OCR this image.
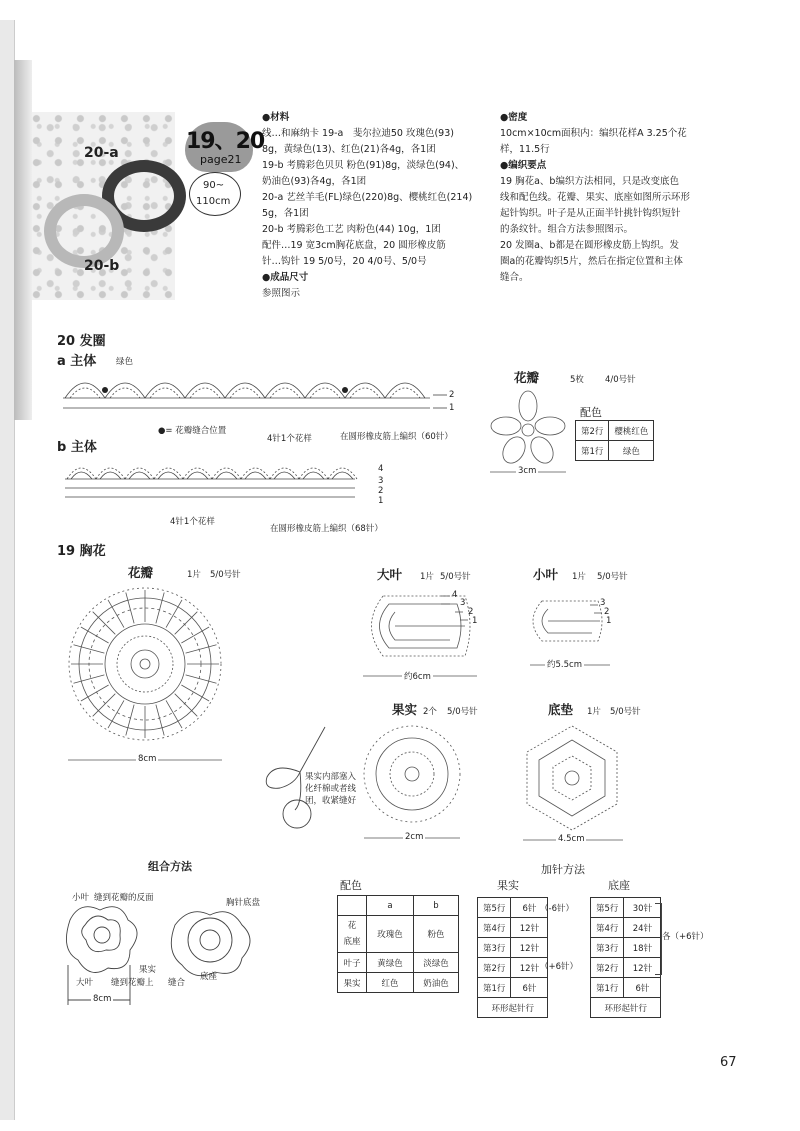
20-a
20-b
19、20
page21
90~
110cm
●材料
线…和麻纳卡 19-a　斐尔拉迪50 玫瑰色(93)
8g，黄绿色(13)、红色(21)各4g，各1团
19-b 考腾彩色贝贝 粉色(91)8g，淡绿色(94)、
奶油色(93)各4g，各1团
20-a 艺丝羊毛(FL)绿色(220)8g、樱桃红色(214)
5g，各1团
20-b 考腾彩色工艺 肉粉色(44) 10g，1团
配件…19 宽3cm胸花底盘，20 圆形橡皮筋
针…钩针 19 5/0号，20 4/0号、5/0号
●成品尺寸
参照图示
●密度
10cm×10cm面积内：编织花样A 3.25个花
样，11.5行
●编织要点
19 胸花a、b编织方法相同，只是改变底色
线和配色线。花瓣、果实、底座如图所示环形
起针钩织。叶子是从正面半针挑针钩织短针
的条纹针。组合方法参照图示。
20 发圈a、b都是在圆形橡皮筋上钩织。发
圈a的花瓣钩织5片，然后在指定位置和主体
缝合。
20 发圈
a 主体 绿色
2
1
●= 花瓣缝合位置
4针1个花样	在圆形橡皮筋上编织（60针）
b 主体
4
3
2
1
4针1个花样
在圆形橡皮筋上编织（68针）
花瓣	5枚 4/0号针
3cm
配色
第2行	樱桃红色
第1行	绿色
19 胸花
花瓣	1片 5/0号针
8cm
大叶 1片 5/0号针
4
3
2
1
约6cm
小叶 1片 5/0号针
3
2
1
约5.5cm
果实 2个 5/0号针
果实内部塞入
化纤棉或者线
团，收紧缝好
2cm
底垫 1片 5/0号针
4.5cm
组合方法
小叶 缝到花瓣的反面	胸针底盘
果实
大叶 缝到花瓣上
底座
缝合
8cm
配色
	a	b
花
底座	玫瑰色	粉色
叶子	黄绿色	淡绿色
果实	红色	奶油色
加针方法
果实
第5行	6针
第4行	12针
第3行	12针
第2行	12针
第1行	6针
环形起针行	
（-6针）
（+6针）
底座
第5行	30针
第4行	24针
第3行	18针
第2行	12针
第1行	6针
环形起针行	
各（+6针）
67
